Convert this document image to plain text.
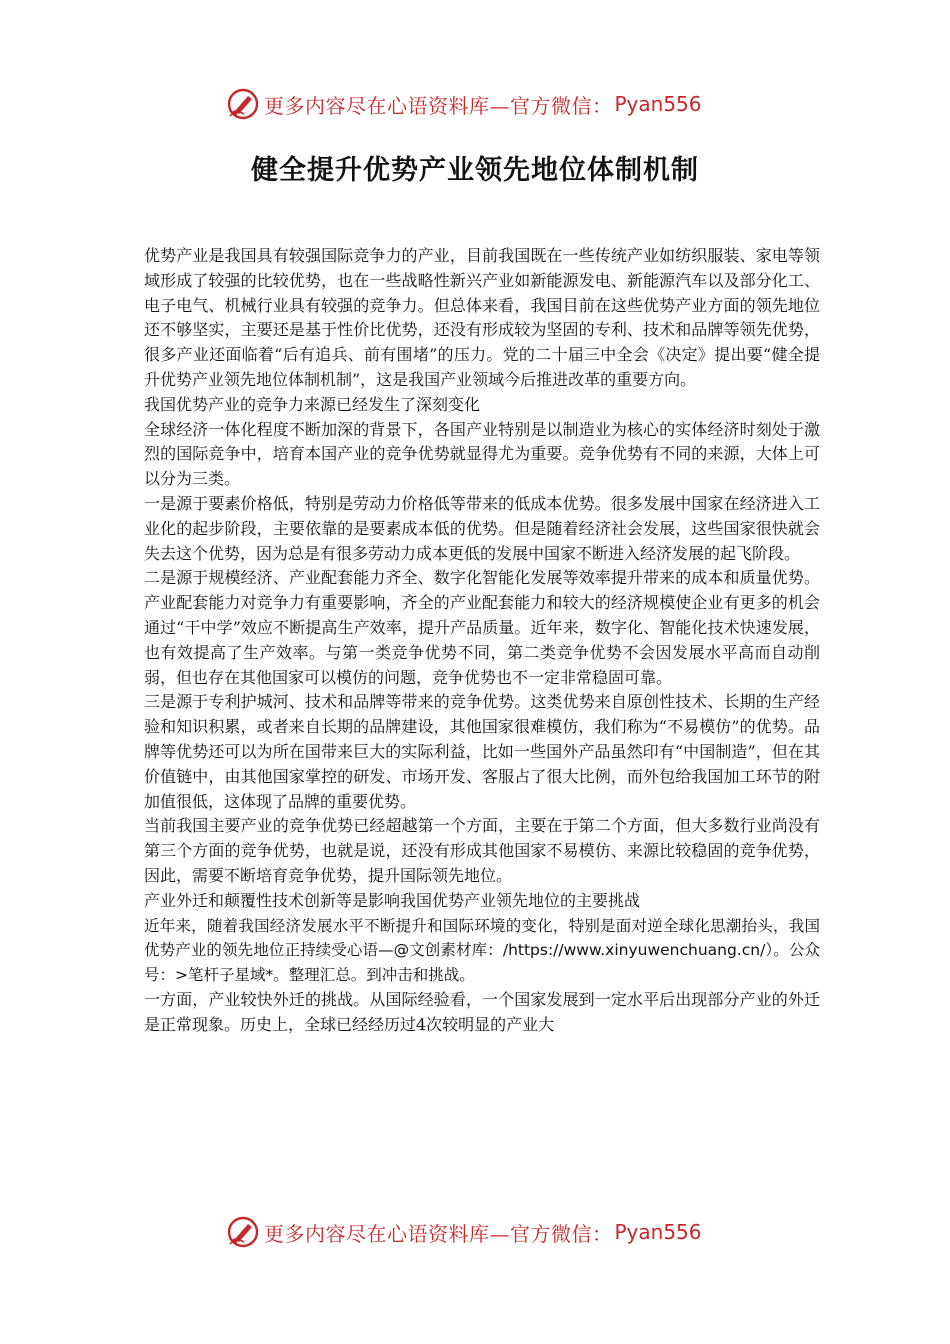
更多内容尽在心语资料库—官方微信： Pyan556
健全提升优势产业领先地位体制机制

优势产业是我国具有较强国际竞争力的产业，目前我国既在一些传统产业如纺织服装、家电等领域形成了较强的比较优势，也在一些战略性新兴产业如新能源发电、新能源汽车以及部分化工、电子电气、机械行业具有较强的竞争力。但总体来看，我国目前在这些优势产业方面的领先地位还不够坚实，主要还是基于性价比优势，还没有形成较为坚固的专利、技术和品牌等领先优势，很多产业还面临着“后有追兵、前有围堵”的压力。党的二十届三中全会《决定》提出要“健全提升优势产业领先地位体制机制”，这是我国产业领域今后推进改革的重要方向。

我国优势产业的竞争力来源已经发生了深刻变化

全球经济一体化程度不断加深的背景下，各国产业特别是以制造业为核心的实体经济时刻处于激烈的国际竞争中，培育本国产业的竞争优势就显得尤为重要。竞争优势有不同的来源，大体上可以分为三类。

一是源于要素价格低，特别是劳动力价格低等带来的低成本优势。很多发展中国家在经济进入工业化的起步阶段，主要依靠的是要素成本低的优势。但是随着经济社会发展，这些国家很快就会失去这个优势，因为总是有很多劳动力成本更低的发展中国家不断进入经济发展的起飞阶段。

二是源于规模经济、产业配套能力齐全、数字化智能化发展等效率提升带来的成本和质量优势。产业配套能力对竞争力有重要影响，齐全的产业配套能力和较大的经济规模使企业有更多的机会通过“干中学”效应不断提高生产效率，提升产品质量。近年来，数字化、智能化技术快速发展，也有效提高了生产效率。与第一类竞争优势不同，第二类竞争优势不会因发展水平高而自动削弱，但也存在其他国家可以模仿的问题，竞争优势也不一定非常稳固可靠。

三是源于专利护城河、技术和品牌等带来的竞争优势。这类优势来自原创性技术、长期的生产经验和知识积累，或者来自长期的品牌建设，其他国家很难模仿，我们称为“不易模仿”的优势。品牌等优势还可以为所在国带来巨大的实际利益，比如一些国外产品虽然印有“中国制造”，但在其价值链中，由其他国家掌控的研发、市场开发、客服占了很大比例，而外包给我国加工环节的附加值很低，这体现了品牌的重要优势。

当前我国主要产业的竞争优势已经超越第一个方面，主要在于第二个方面，但大多数行业尚没有第三个方面的竞争优势，也就是说，还没有形成其他国家不易模仿、来源比较稳固的竞争优势，因此，需要不断培育竞争优势，提升国际领先地位。

产业外迁和颠覆性技术创新等是影响我国优势产业领先地位的主要挑战

近年来，随着我国经济发展水平不断提升和国际环境的变化，特别是面对逆全球化思潮抬头，我国优势产业的领先地位正持续受心语—@文创素材库：/https://www.xinyuwenchuang.cn/）。公众号：>笔杆子星域*。整理汇总。到冲击和挑战。

一方面，产业较快外迁的挑战。从国际经验看，一个国家发展到一定水平后出现部分产业的外迁是正常现象。历史上，全球已经经历过4次较明显的产业大

更多内容尽在心语资料库—官方微信： Pyan556
